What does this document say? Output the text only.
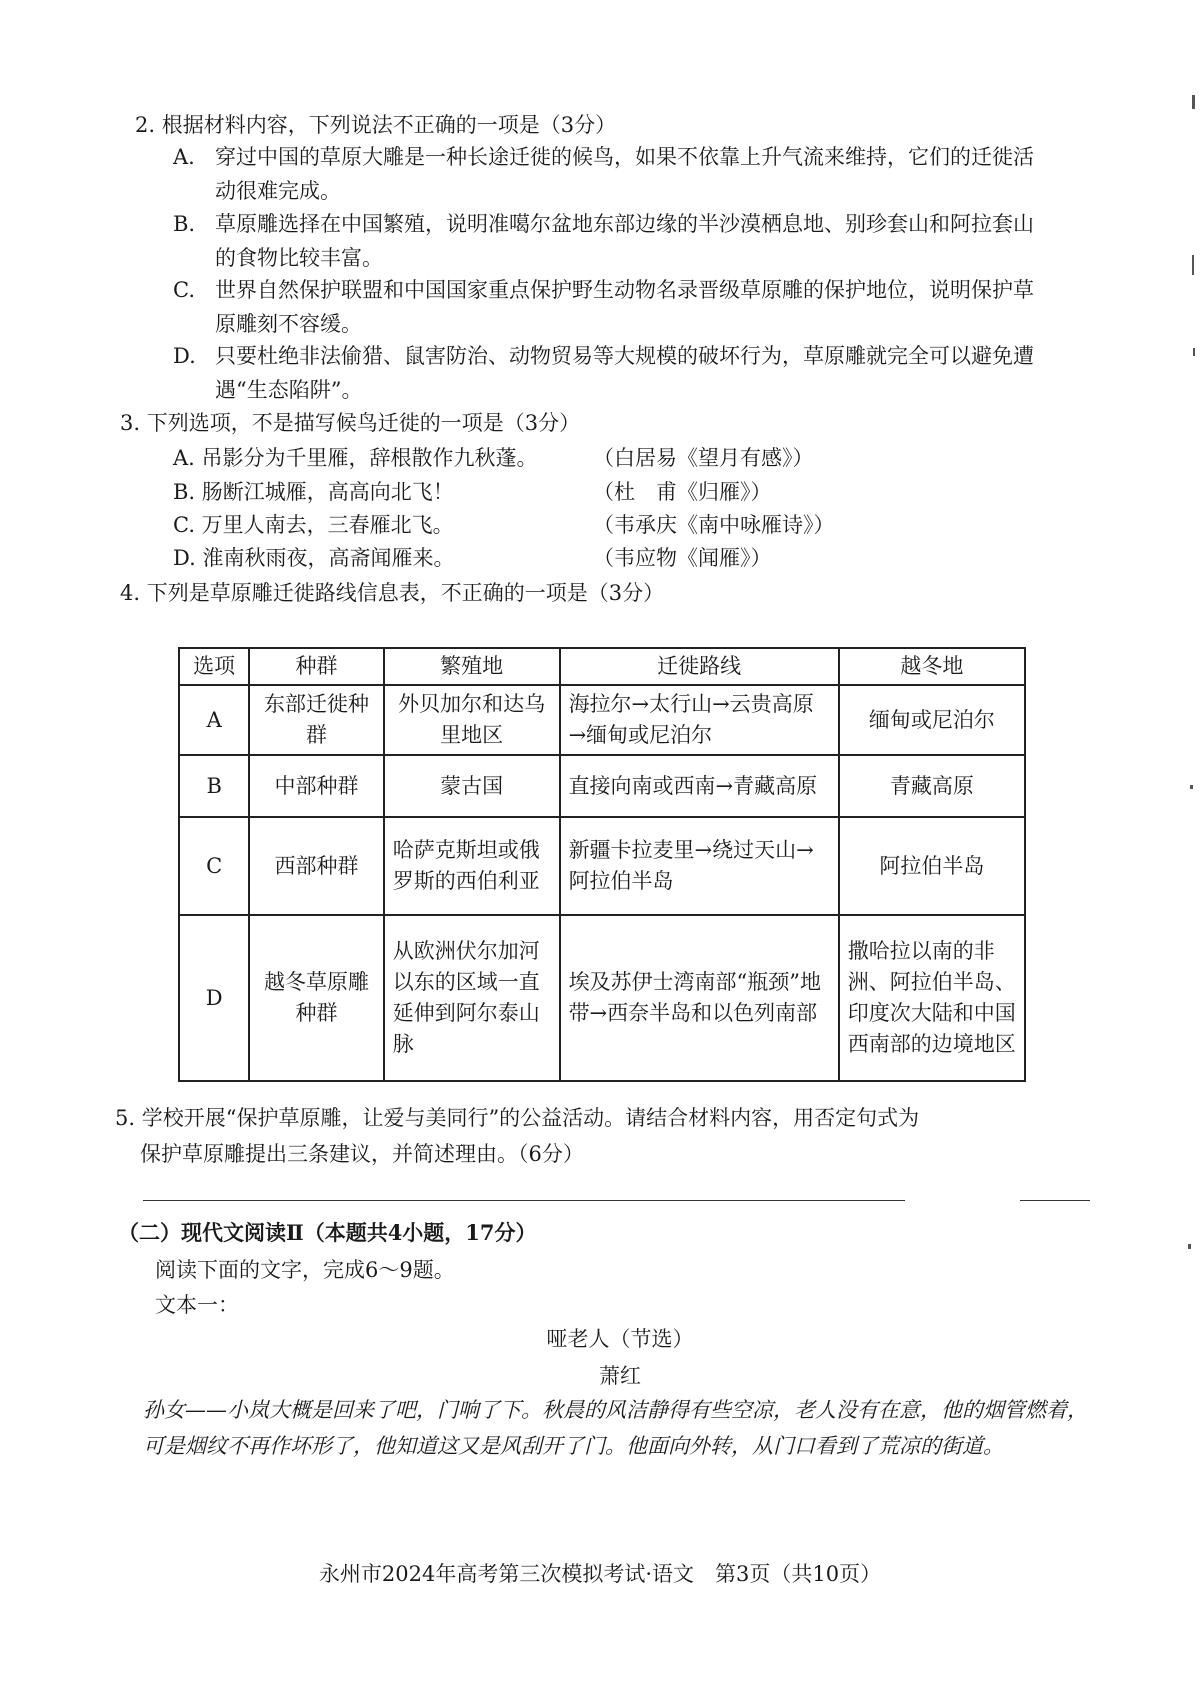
2. 根据材料内容，下列说法不正确的一项是（3分）
A. 穿过中国的草原大雕是一种长途迁徙的候鸟，如果不依靠上升气流来维持，它们的迁徙活动很难完成。
B. 草原雕选择在中国繁殖，说明准噶尔盆地东部边缘的半沙漠栖息地、别珍套山和阿拉套山的食物比较丰富。
C. 世界自然保护联盟和中国国家重点保护野生动物名录晋级草原雕的保护地位，说明保护草原雕刻不容缓。
D. 只要杜绝非法偷猎、鼠害防治、动物贸易等大规模的破坏行为，草原雕就完全可以避免遭遇“生态陷阱”。
3. 下列选项，不是描写候鸟迁徙的一项是（3分）
A. 吊影分为千里雁，辞根散作九秋蓬。	（白居易《望月有感》）
B. 肠断江城雁，高高向北飞！	（杜　甫《归雁》）
C. 万里人南去，三春雁北飞。	（韦承庆《南中咏雁诗》）
D. 淮南秋雨夜，高斋闻雁来。	（韦应物《闻雁》）
4. 下列是草原雕迁徙路线信息表，不正确的一项是（3分）
选项	种群	繁殖地	迁徙路线	越冬地
A	东部迁徙种群	外贝加尔和达乌里地区	海拉尔→太行山→云贵高原→缅甸或尼泊尔	缅甸或尼泊尔
B	中部种群	蒙古国	直接向南或西南→青藏高原	青藏高原
C	西部种群	哈萨克斯坦或俄罗斯的西伯利亚	新疆卡拉麦里→绕过天山→阿拉伯半岛	阿拉伯半岛
D	越冬草原雕种群	从欧洲伏尔加河以东的区域一直延伸到阿尔泰山脉	埃及苏伊士湾南部“瓶颈”地带→西奈半岛和以色列南部	撒哈拉以南的非洲、阿拉伯半岛、印度次大陆和中国西南部的边境地区
5. 学校开展“保护草原雕，让爱与美同行”的公益活动。请结合材料内容，用否定句式为
保护草原雕提出三条建议，并简述理由。（6分）
（二）现代文阅读Ⅱ（本题共4小题，17分）
阅读下面的文字，完成6～9题。
文本一：
哑老人（节选）
萧红
孙女——小岚大概是回来了吧，门响了下。秋晨的风洁静得有些空凉，老人没有在意，他的烟管燃着，可是烟纹不再作坏形了，他知道这又是风刮开了门。他面向外转，从门口看到了荒凉的街道。
永州市2024年高考第三次模拟考试·语文　第3页（共10页）
